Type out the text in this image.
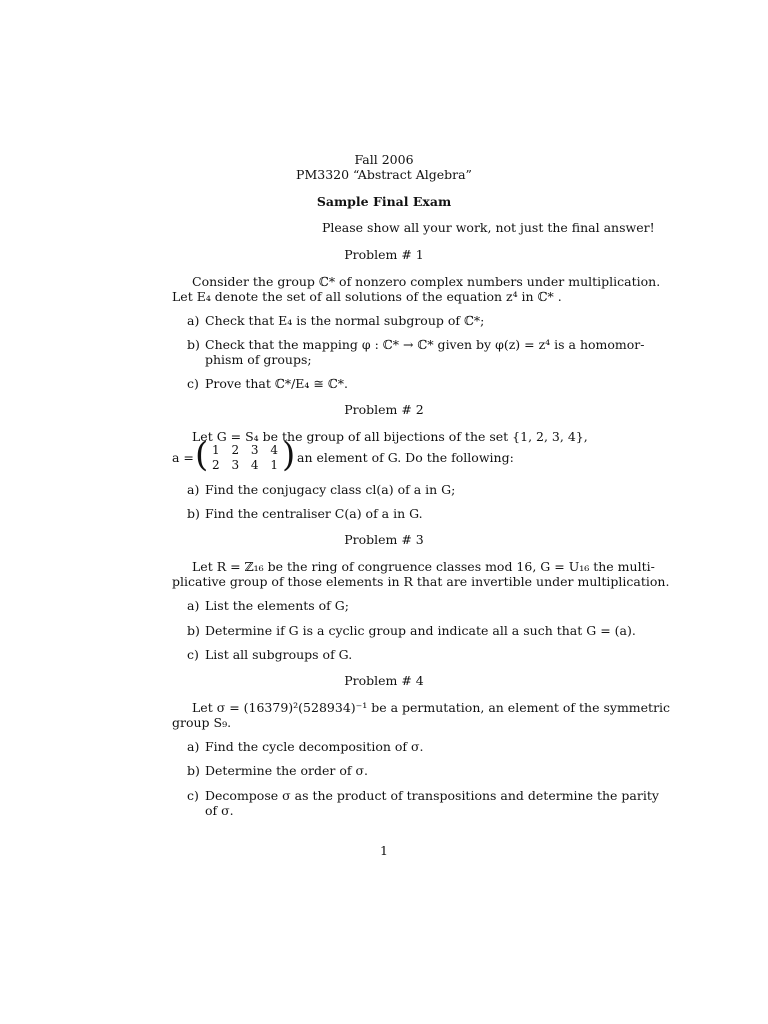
Fall 2006
PM3320 “Abstract Algebra”
Sample Final Exam
Please show all your work, not just the final answer!
Problem # 1
Consider the group ℂ* of nonzero complex numbers under multiplication.
Let E₄ denote the set of all solutions of the equation z⁴ in ℂ* .
a) Check that E₄ is the normal subgroup of ℂ*;
b) Check that the mapping φ : ℂ* → ℂ* given by φ(z) = z⁴ is a homomor-
phism of groups;
c) Prove that ℂ*/E₄ ≅ ℂ*.
Problem # 2
Let G = S₄ be the group of all bijections of the set {1, 2, 3, 4},
a = ( 1 2 3 4
2 3 4 1 ) an element of G. Do the following:
a) Find the conjugacy class cl(a) of a in G;
b) Find the centraliser C(a) of a in G.
Problem # 3
Let R = ℤ₁₆ be the ring of congruence classes mod 16, G = U₁₆ the multi-
plicative group of those elements in R that are invertible under multiplication.
a) List the elements of G;
b) Determine if G is a cyclic group and indicate all a such that G = (a).
c) List all subgroups of G.
Problem # 4
Let σ = (16379)²(528934)⁻¹ be a permutation, an element of the symmetric
group S₉.
a) Find the cycle decomposition of σ.
b) Determine the order of σ.
c) Decompose σ as the product of transpositions and determine the parity
of σ.
1
